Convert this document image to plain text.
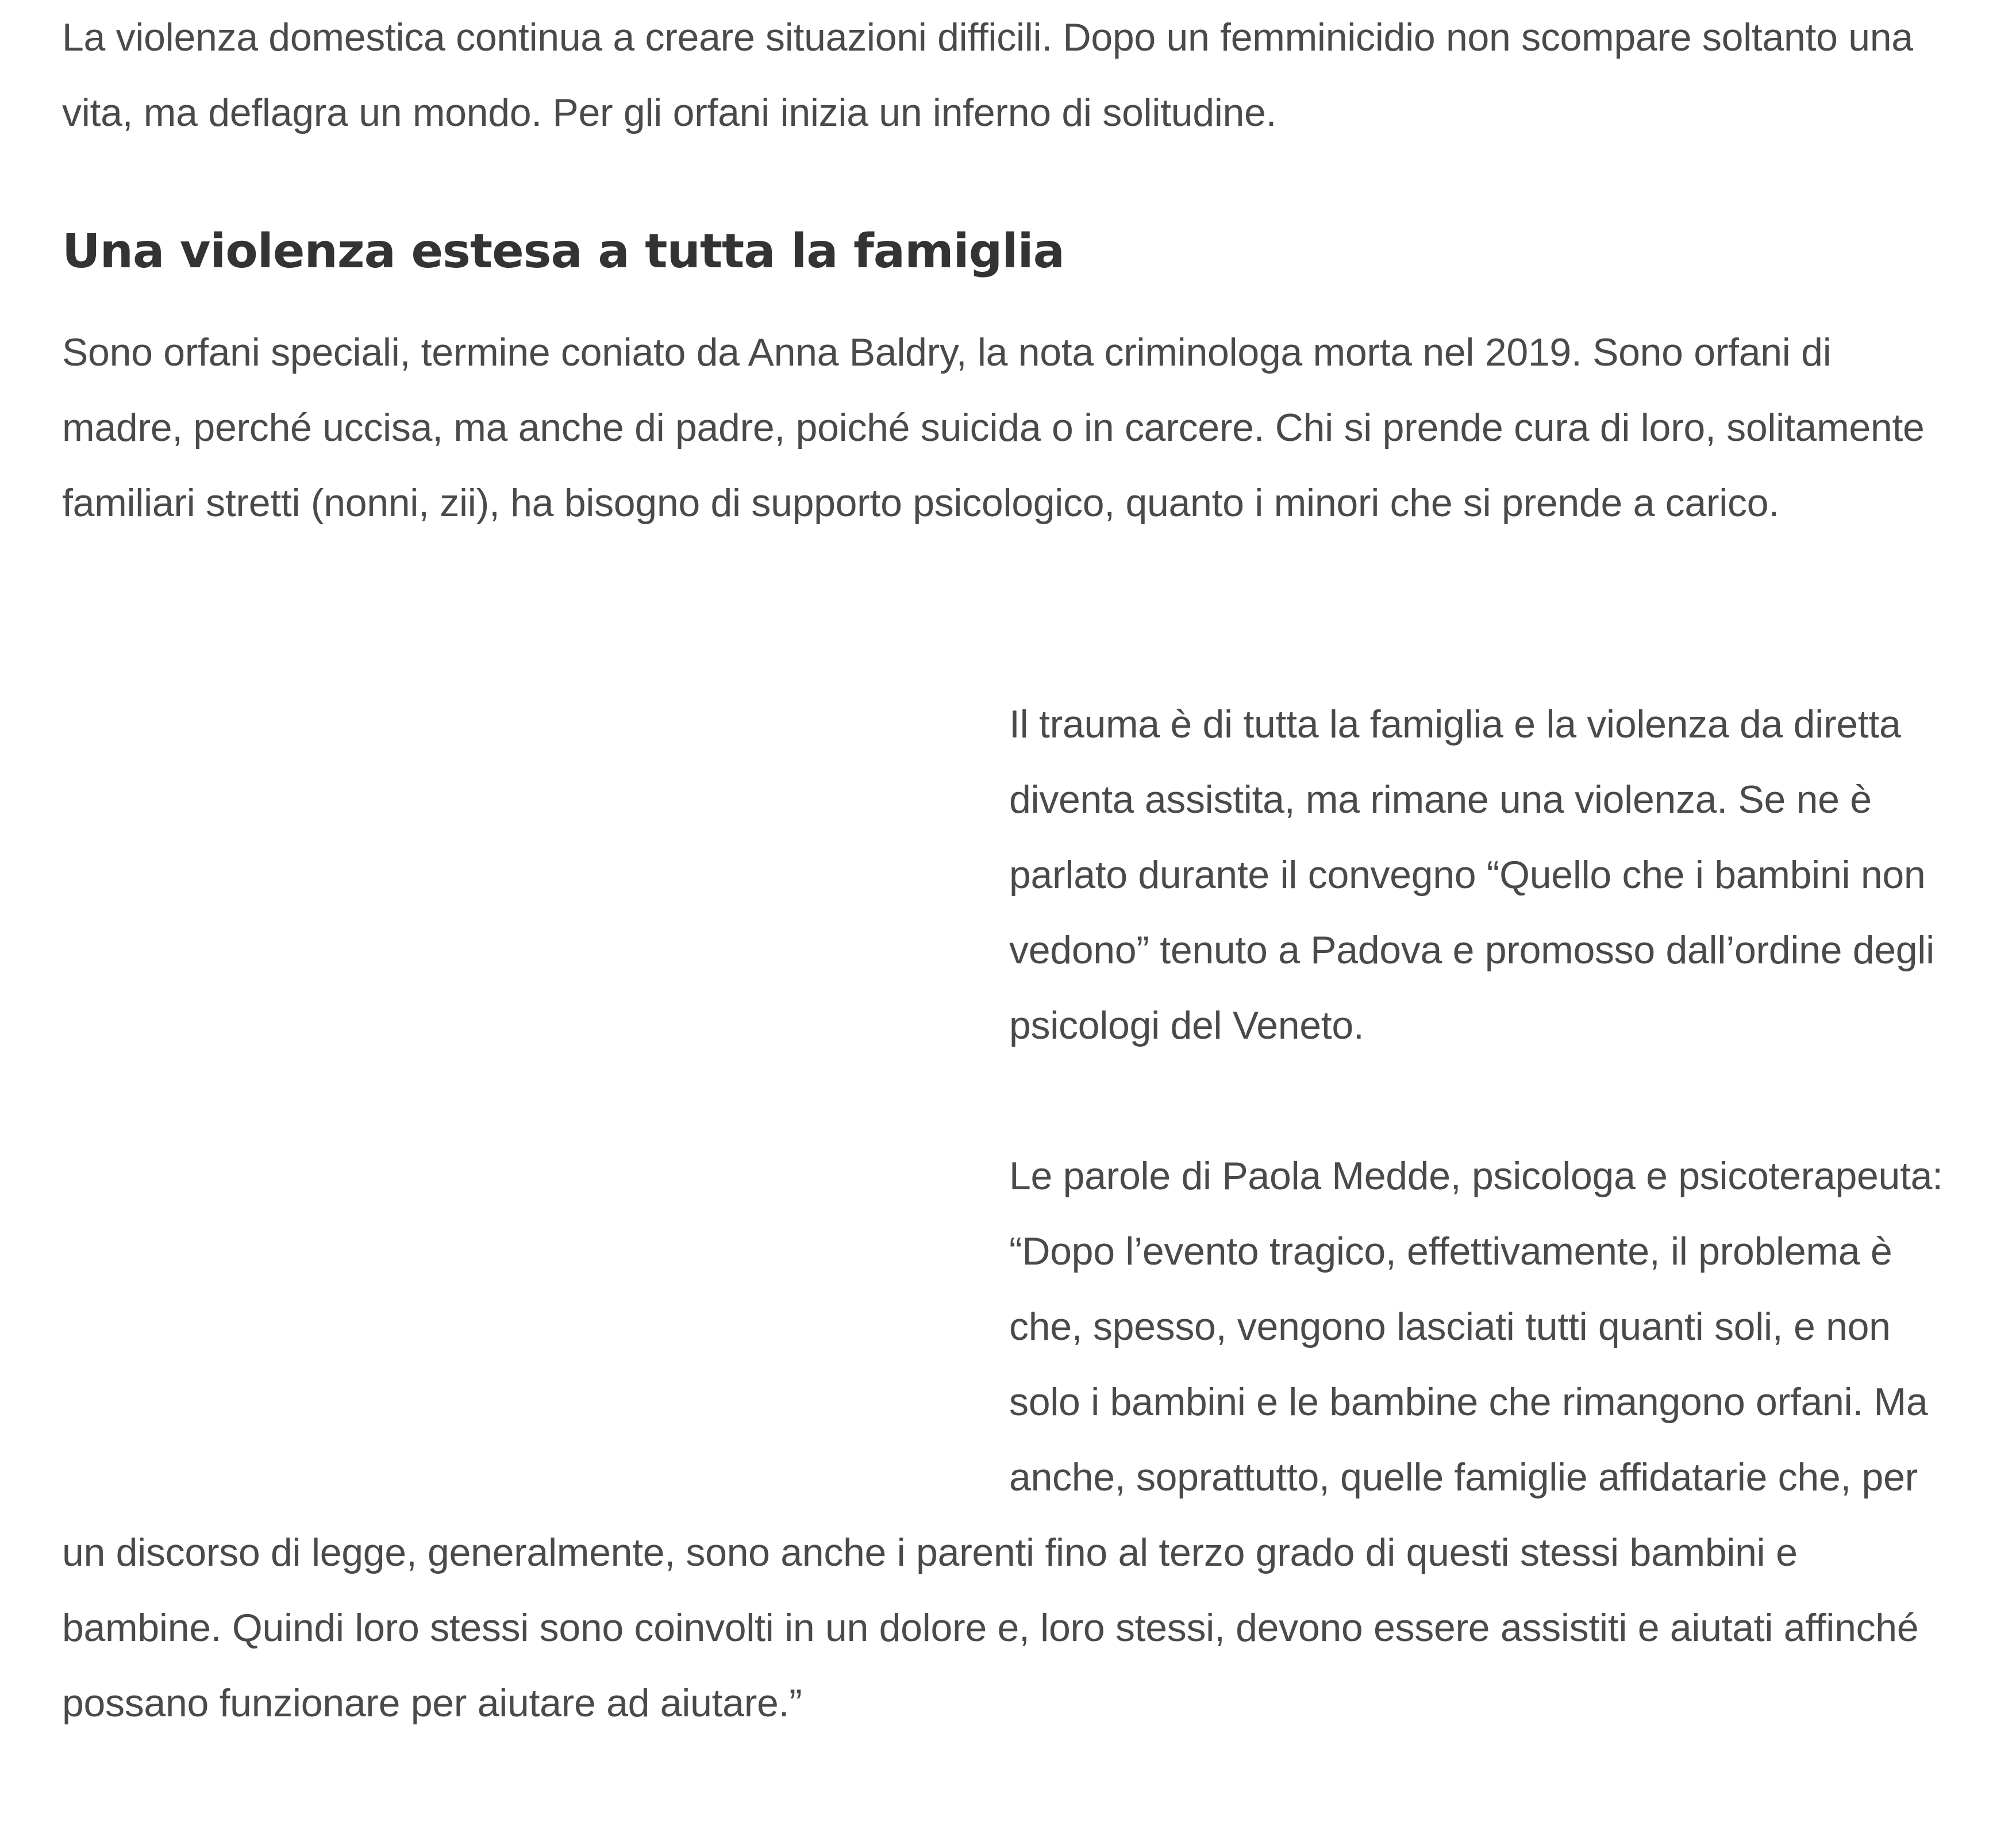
La violenza domestica continua a creare situazioni difficili. Dopo un femminicidio non scompare soltanto una vita, ma deflagra un mondo. Per gli orfani inizia un inferno di solitudine.

Una violenza estesa a tutta la famiglia

Sono orfani speciali, termine coniato da Anna Baldry, la nota criminologa morta nel 2019. Sono orfani di madre, perché uccisa, ma anche di padre, poiché suicida o in carcere. Chi si prende cura di loro, solitamente familiari stretti (nonni, zii), ha bisogno di supporto psicologico, quanto i minori che si prende a carico.

Il trauma è di tutta la famiglia e la violenza da diretta diventa assistita, ma rimane una violenza. Se ne è parlato durante il convegno “Quello che i bambini non vedono” tenuto a Padova e promosso dall’ordine degli psicologi del Veneto.

Le parole di Paola Medde, psicologa e psicoterapeuta: “Dopo l’evento tragico, effettivamente, il problema è che, spesso, vengono lasciati tutti quanti soli, e non solo i bambini e le bambine che rimangono orfani. Ma anche, soprattutto, quelle famiglie affidatarie che, per un discorso di legge, generalmente, sono anche i parenti fino al terzo grado di questi stessi bambini e bambine. Quindi loro stessi sono coinvolti in un dolore e, loro stessi, devono essere assistiti e aiutati affinché possano funzionare per aiutare ad aiutare.”
